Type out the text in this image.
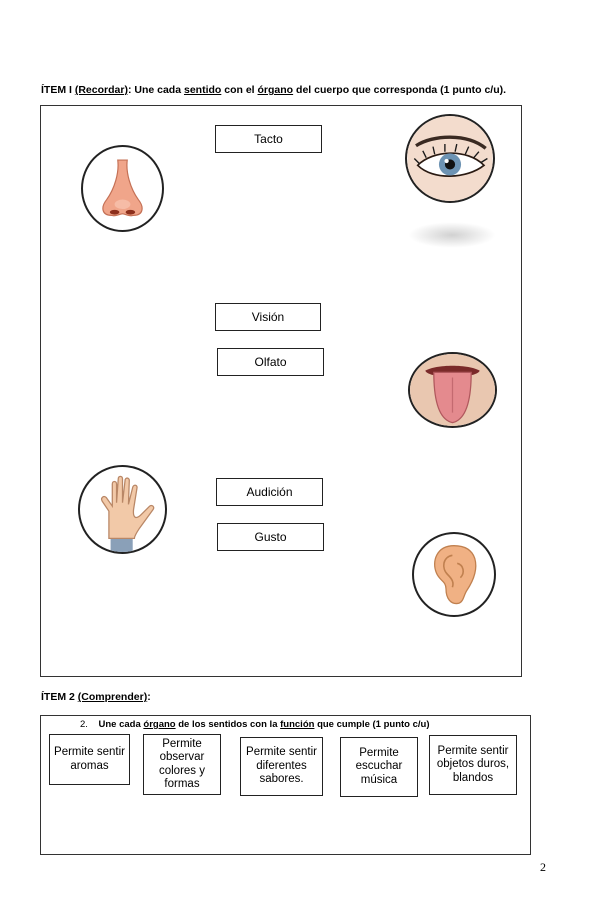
ÍTEM I (Recordar): Une cada sentido con el órgano del cuerpo que corresponda (1 punto c/u).
Tacto
Visión
Olfato
Audición
Gusto
ÍTEM 2 (Comprender):
2. Une cada órgano de los sentidos con la función que cumple (1 punto c/u)
Permite sentir aromas
Permite observar colores y formas
Permite sentir diferentes sabores.
Permite escuchar música
Permite sentir objetos duros, blandos
2
